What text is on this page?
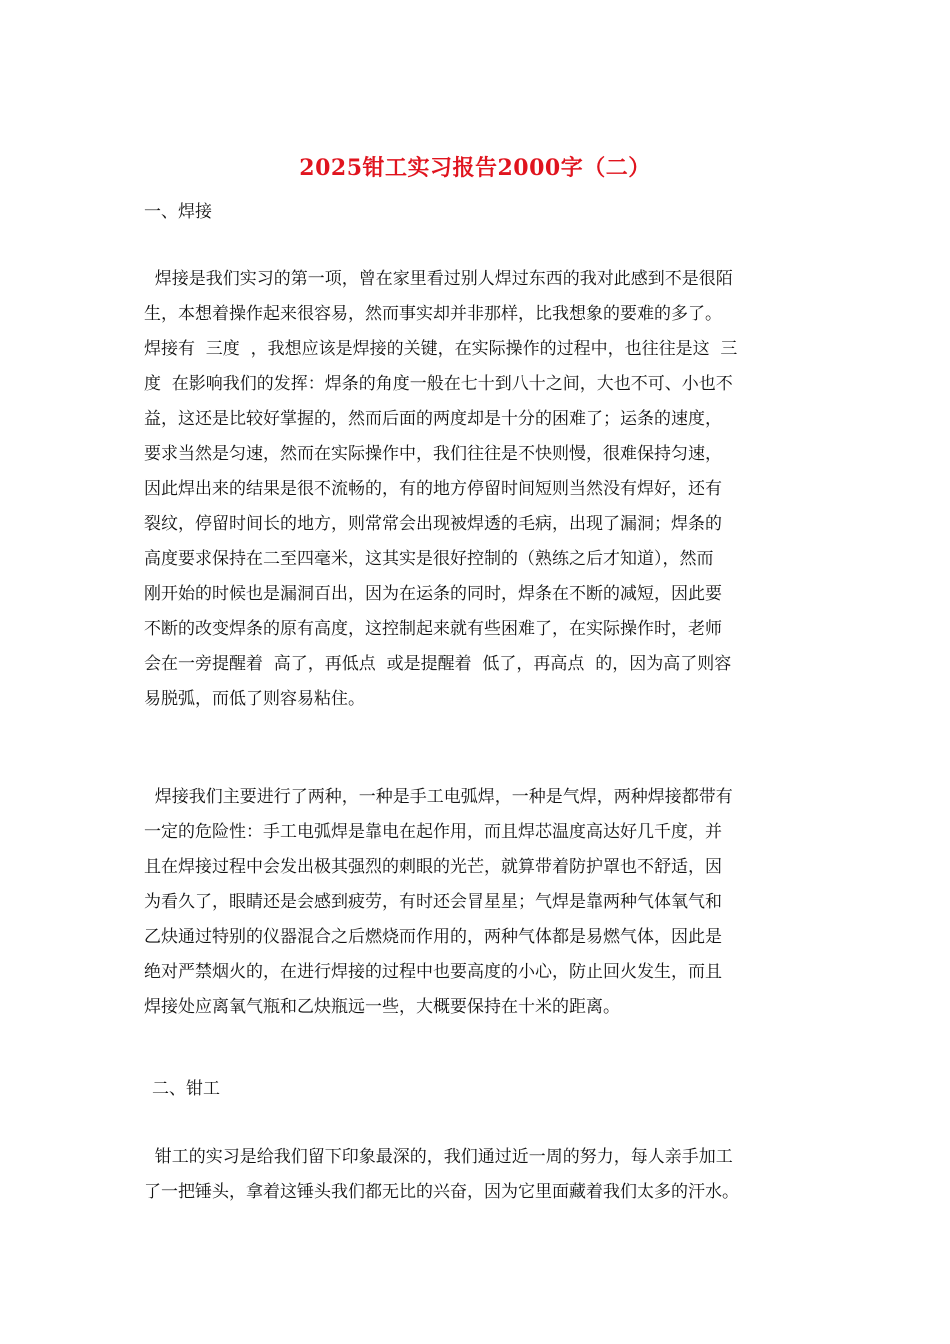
2025钳工实习报告2000字（二）
一、焊接
焊接是我们实习的第一项，曾在家里看过别人焊过东西的我对此感到不是很陌
生，本想着操作起来很容易，然而事实却并非那样，比我想象的要难的多了。
焊接有  三度  ，我想应该是焊接的关键，在实际操作的过程中，也往往是这  三
度  在影响我们的发挥：焊条的角度一般在七十到八十之间，大也不可、小也不
益，这还是比较好掌握的，然而后面的两度却是十分的困难了；运条的速度，
要求当然是匀速，然而在实际操作中，我们往往是不快则慢，很难保持匀速，
因此焊出来的结果是很不流畅的，有的地方停留时间短则当然没有焊好，还有
裂纹，停留时间长的地方，则常常会出现被焊透的毛病，出现了漏洞；焊条的
高度要求保持在二至四毫米，这其实是很好控制的（熟练之后才知道），然而
刚开始的时候也是漏洞百出，因为在运条的同时，焊条在不断的减短，因此要
不断的改变焊条的原有高度，这控制起来就有些困难了，在实际操作时，老师
会在一旁提醒着  高了，再低点  或是提醒着  低了，再高点  的，因为高了则容
易脱弧，而低了则容易粘住。
焊接我们主要进行了两种，一种是手工电弧焊，一种是气焊，两种焊接都带有
一定的危险性：手工电弧焊是靠电在起作用，而且焊芯温度高达好几千度，并
且在焊接过程中会发出极其强烈的刺眼的光芒，就算带着防护罩也不舒适，因
为看久了，眼睛还是会感到疲劳，有时还会冒星星；气焊是靠两种气体氧气和
乙炔通过特别的仪器混合之后燃烧而作用的，两种气体都是易燃气体，因此是
绝对严禁烟火的，在进行焊接的过程中也要高度的小心，防止回火发生，而且
焊接处应离氧气瓶和乙炔瓶远一些，大概要保持在十米的距离。
二、钳工
钳工的实习是给我们留下印象最深的，我们通过近一周的努力，每人亲手加工
了一把锤头，拿着这锤头我们都无比的兴奋，因为它里面藏着我们太多的汗水。
